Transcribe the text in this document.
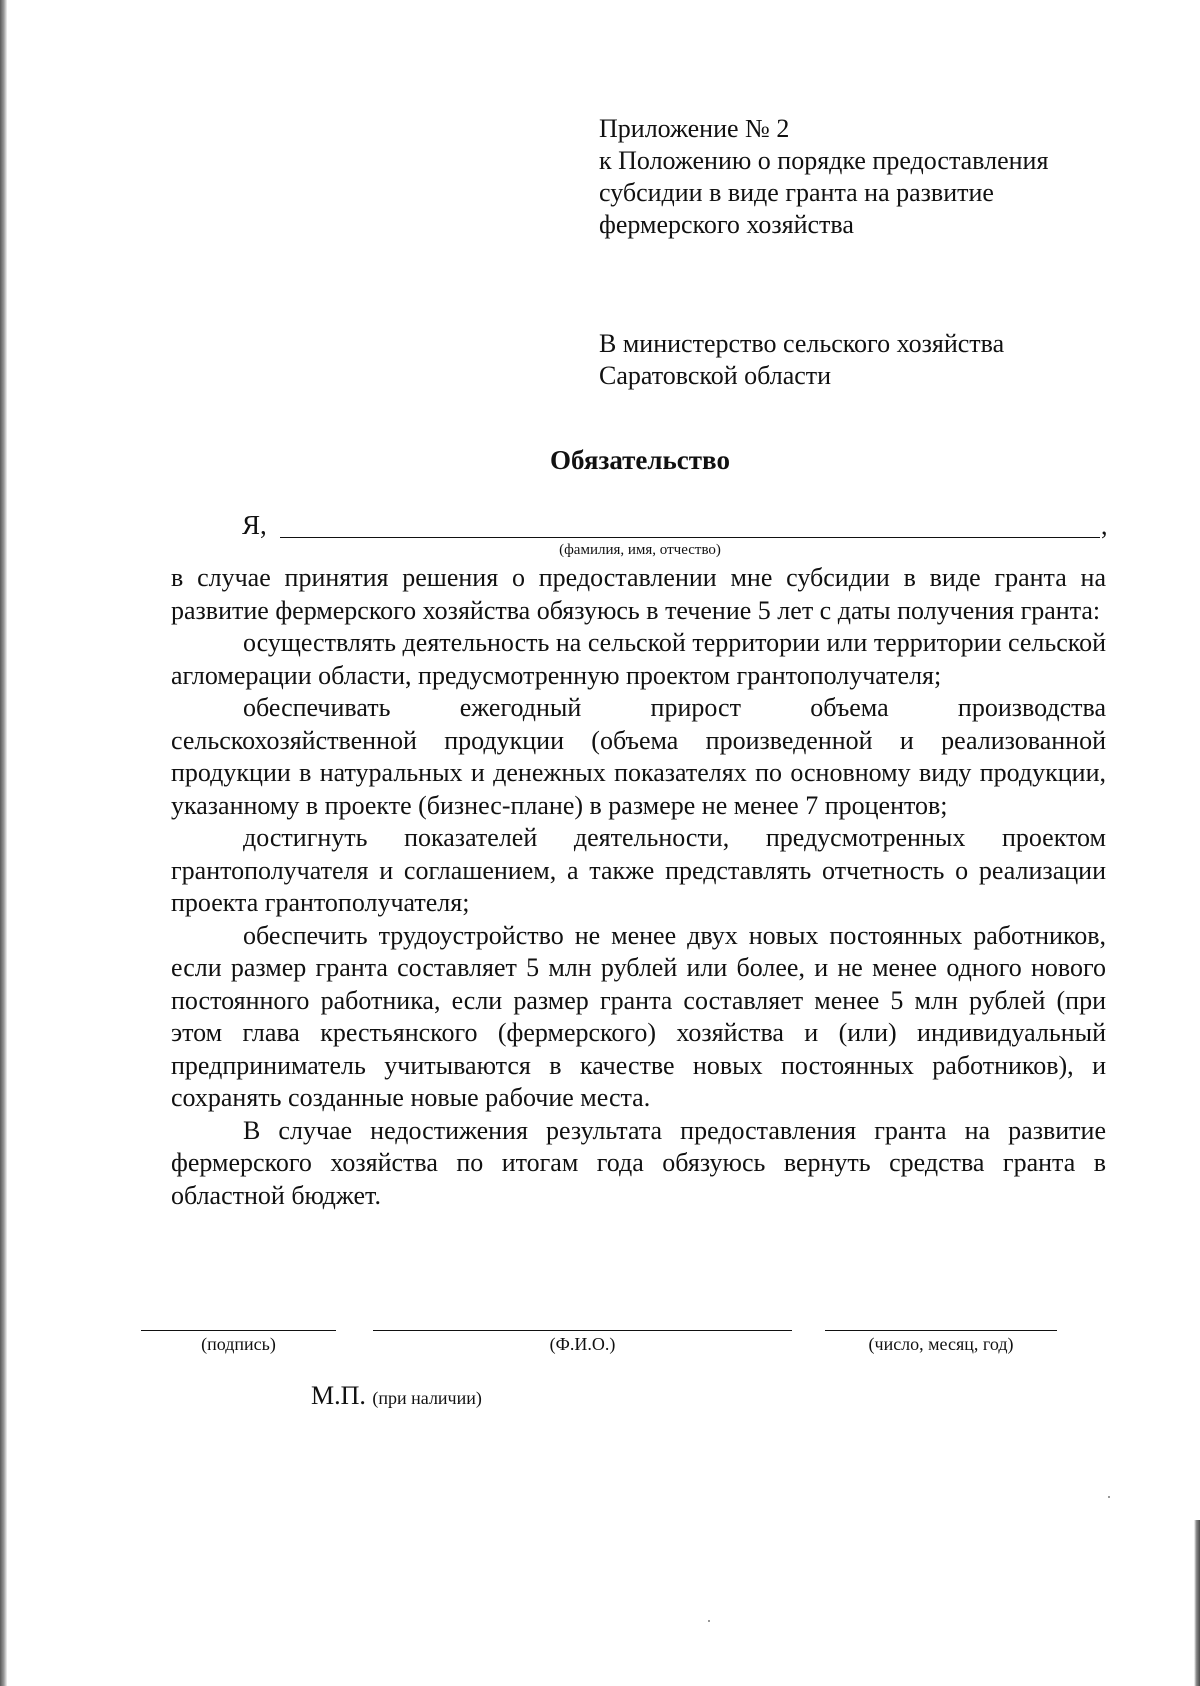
Приложение № 2
к Положению о порядке предоставления
субсидии в виде гранта на развитие
фермерского хозяйства
В министерство сельского хозяйства
Саратовской области
Обязательство
Я,	,
(фамилия, имя, отчество)

в случае принятия решения о предоставлении мне субсидии в виде гранта на развитие фермерского хозяйства обязуюсь в течение 5 лет с даты получения гранта:

осуществлять деятельность на сельской территории или территории сельской агломерации области, предусмотренную проектом грантополучателя;

обеспечивать ежегодный прирост объема производства сельскохозяйственной продукции (объема произведенной и реализованной продукции в натуральных и денежных показателях по основному виду продукции, указанному в проекте (бизнес-плане) в размере не менее 7 процентов;

достигнуть показателей деятельности, предусмотренных проектом грантополучателя и соглашением, а также представлять отчетность о реализации проекта грантополучателя;

обеспечить трудоустройство не менее двух новых постоянных работников, если размер гранта составляет 5 млн рублей или более, и не менее одного нового постоянного работника, если размер гранта составляет менее 5 млн рублей (при этом глава крестьянского (фермерского) хозяйства и (или) индивидуальный предприниматель учитываются в качестве новых постоянных работников), и сохранять созданные новые рабочие места.

В случае недостижения результата предоставления гранта на развитие фермерского хозяйства по итогам года обязуюсь вернуть средства гранта в областной бюджет.

(подпись)	(Ф.И.О.)	(число, месяц, год)
М.П. (при наличии)
